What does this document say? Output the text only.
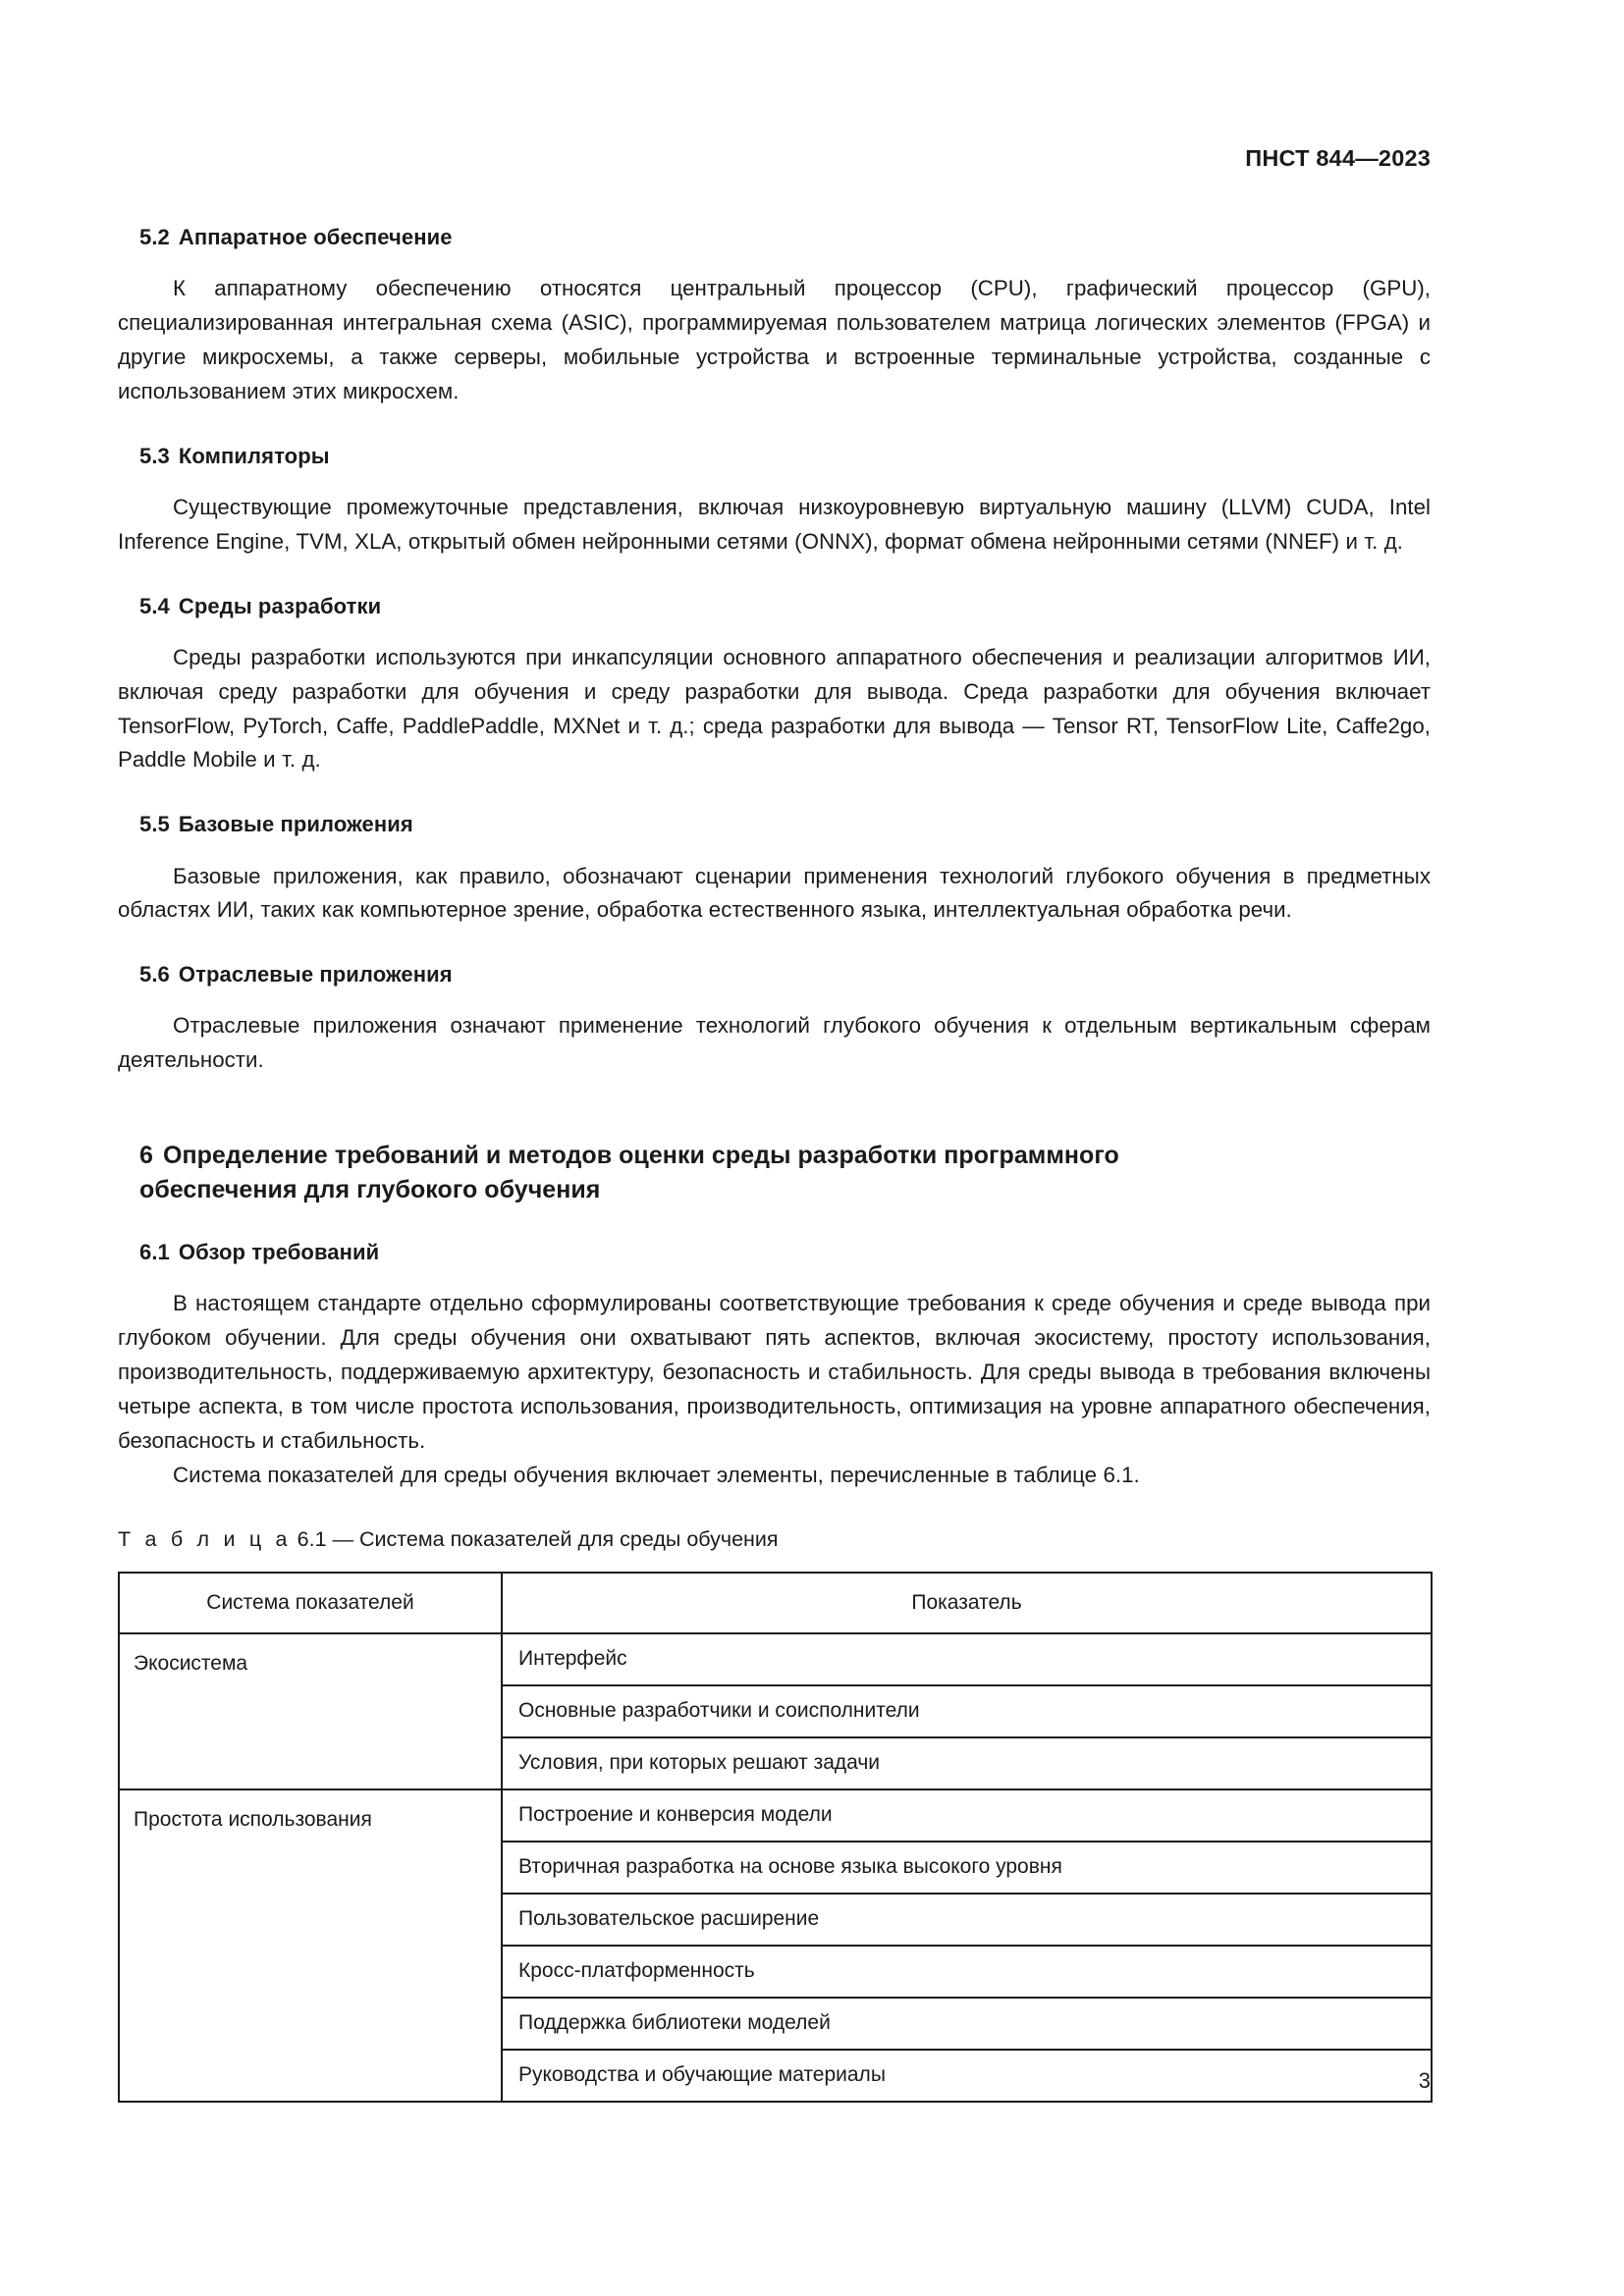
ПНСТ 844—2023
5.2 Аппаратное обеспечение

К аппаратному обеспечению относятся центральный процессор (CPU), графический процессор (GPU), специализированная интегральная схема (ASIC), программируемая пользователем матрица логических элементов (FPGA) и другие микросхемы, а также серверы, мобильные устройства и встроенные терминальные устройства, созданные с использованием этих микросхем.

5.3 Компиляторы

Существующие промежуточные представления, включая низкоуровневую виртуальную машину (LLVM) CUDA, Intel Inference Engine, TVM, XLA, открытый обмен нейронными сетями (ONNX), формат обмена нейронными сетями (NNEF) и т. д.

5.4 Среды разработки

Среды разработки используются при инкапсуляции основного аппаратного обеспечения и реализации алгоритмов ИИ, включая среду разработки для обучения и среду разработки для вывода. Среда разработки для обучения включает TensorFlow, PyTorch, Caffe, PaddlePaddle, MXNet и т. д.; среда разработки для вывода — Tensor RT, TensorFlow Lite, Caffe2go, Paddle Mobile и т. д.

5.5 Базовые приложения

Базовые приложения, как правило, обозначают сценарии применения технологий глубокого обучения в предметных областях ИИ, таких как компьютерное зрение, обработка естественного языка, интеллектуальная обработка речи.

5.6 Отраслевые приложения

Отраслевые приложения означают применение технологий глубокого обучения к отдельным вертикальным сферам деятельности.

6 Определение требований и методов оценки среды разработки программного обеспечения для глубокого обучения
6.1 Обзор требований

В настоящем стандарте отдельно сформулированы соответствующие требования к среде обучения и среде вывода при глубоком обучении. Для среды обучения они охватывают пять аспектов, включая экосистему, простоту использования, производительность, поддерживаемую архитектуру, безопасность и стабильность. Для среды вывода в требования включены четыре аспекта, в том числе простота использования, производительность, оптимизация на уровне аппаратного обеспечения, безопасность и стабильность.

Система показателей для среды обучения включает элементы, перечисленные в таблице 6.1.

Т а б л и ц а 6.1 — Система показателей для среды обучения

Система показателей	Показатель
Экосистема	Интерфейс
	Основные разработчики и соисполнители
	Условия, при которых решают задачи
Простота использования	Построение и конверсия модели
	Вторичная разработка на основе языка высокого уровня
	Пользовательское расширение
	Кросс-платформенность
	Поддержка библиотеки моделей
	Руководства и обучающие материалы	3
